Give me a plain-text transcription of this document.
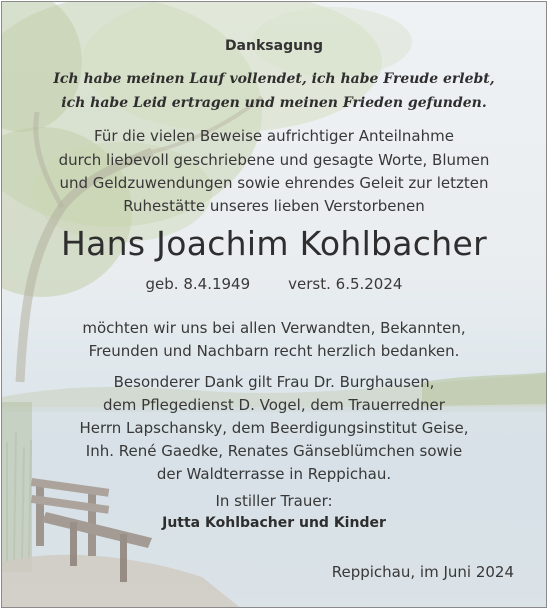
Danksagung
Ich habe meinen Lauf vollendet, ich habe Freude erlebt,
ich habe Leid ertragen und meinen Frieden gefunden.
Für die vielen Beweise aufrichtiger Anteilnahme
durch liebevoll geschriebene und gesagte Worte, Blumen
und Geldzuwendungen sowie ehrendes Geleit zur letzten
Ruhestätte unseres lieben Verstorbenen
Hans Joachim Kohlbacher
geb. 8.4.1949	verst. 6.5.2024
möchten wir uns bei allen Verwandten, Bekannten,
Freunden und Nachbarn recht herzlich bedanken.
Besonderer Dank gilt Frau Dr. Burghausen,
dem Pflegedienst D. Vogel, dem Trauerredner
Herrn Lapschansky, dem Beerdigungsinstitut Geise,
Inh. René Gaedke, Renates Gänseblümchen sowie
der Waldterrasse in Reppichau.
In stiller Trauer:
Jutta Kohlbacher und Kinder
Reppichau, im Juni 2024
